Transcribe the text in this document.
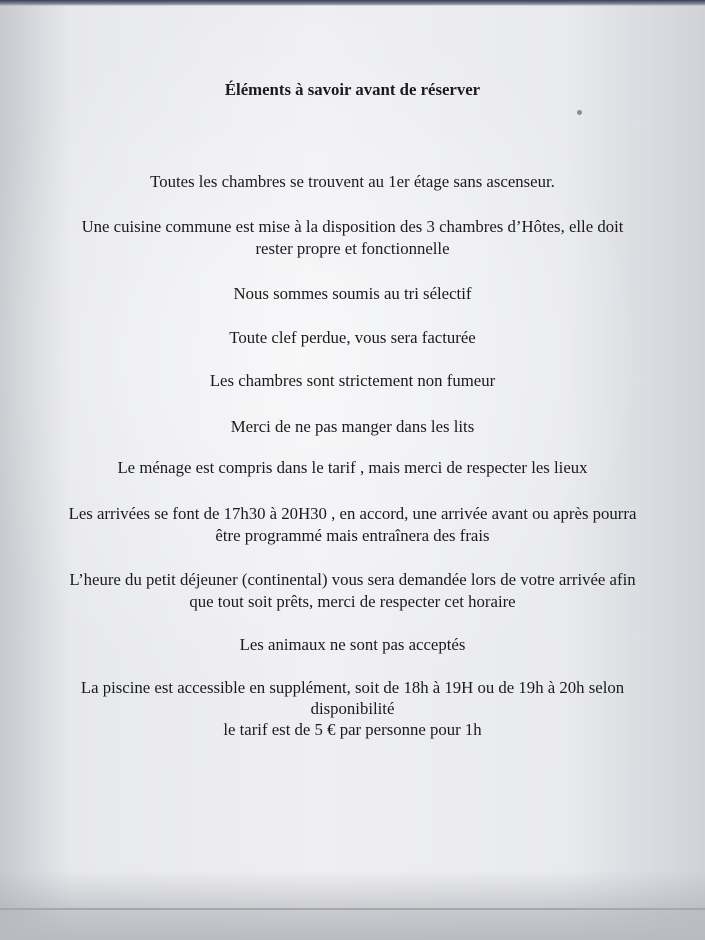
Éléments à savoir avant de réserver
Toutes les chambres se trouvent au 1er étage sans ascenseur.
Une cuisine commune est mise à la disposition des 3 chambres d’Hôtes, elle doit
rester propre et fonctionnelle
Nous sommes soumis au tri sélectif
Toute clef perdue, vous sera facturée
Les chambres sont strictement non fumeur
Merci de ne pas manger dans les lits
Le ménage est compris dans le tarif , mais merci de respecter les lieux
Les arrivées se font de 17h30 à 20H30 , en accord, une arrivée avant ou après pourra
être programmé mais entraînera des frais
L’heure du petit déjeuner (continental) vous sera demandée lors de votre arrivée afin
que tout soit prêts, merci de respecter cet horaire
Les animaux ne sont pas acceptés
La piscine est accessible en supplément, soit de 18h à 19H ou de 19h à 20h selon
disponibilité
le tarif est de 5 € par personne pour 1h
